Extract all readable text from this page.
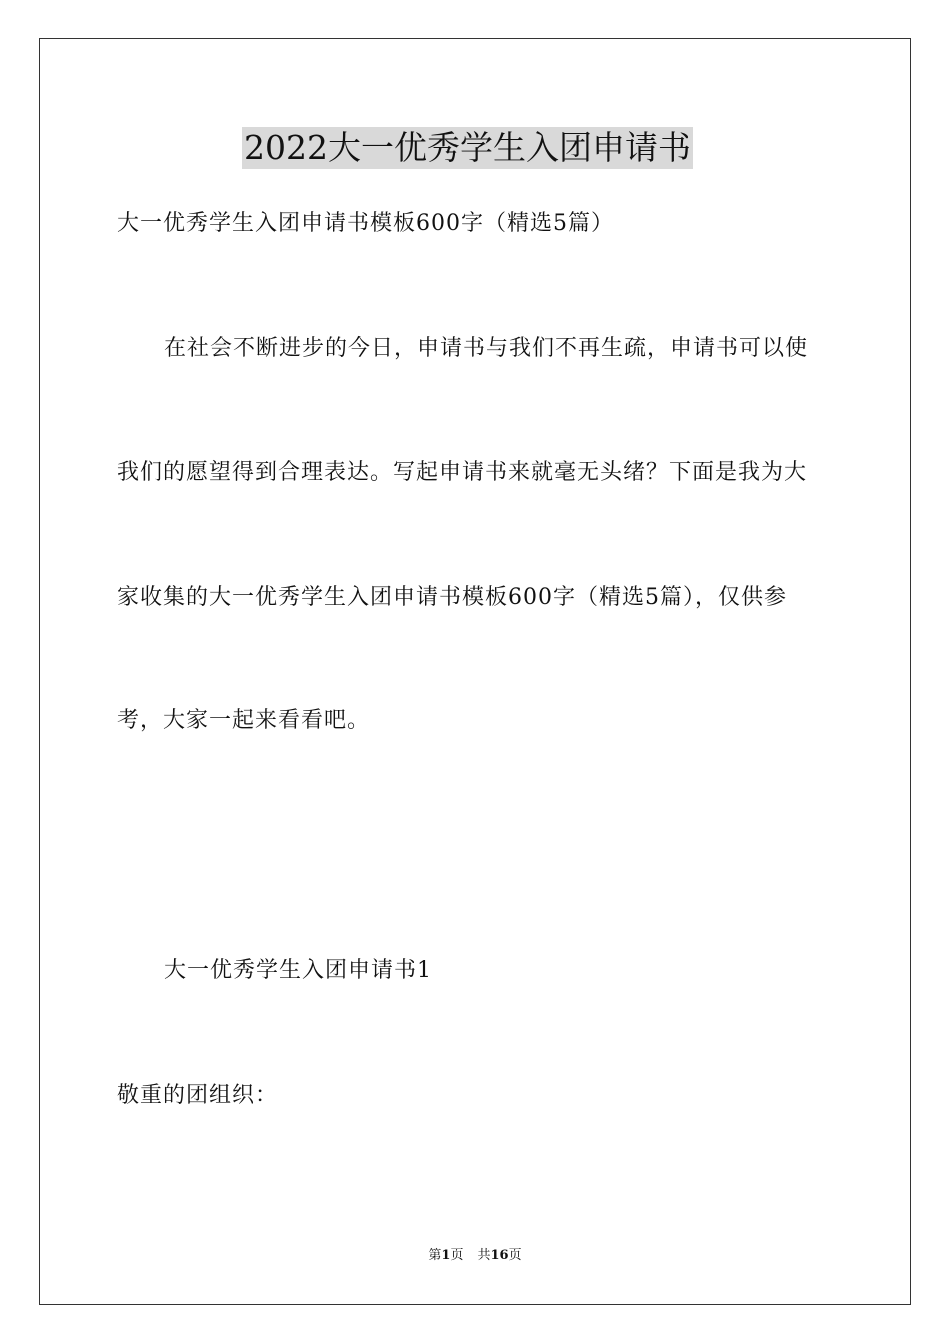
2022大一优秀学生入团申请书
大一优秀学生入团申请书模板600字（精选5篇）
在社会不断进步的今日，申请书与我们不再生疏，申请书可以使
我们的愿望得到合理表达。写起申请书来就毫无头绪？下面是我为大
家收集的大一优秀学生入团申请书模板600字（精选5篇），仅供参
考，大家一起来看看吧。
大一优秀学生入团申请书1
敬重的团组织：
第1页 共16页
